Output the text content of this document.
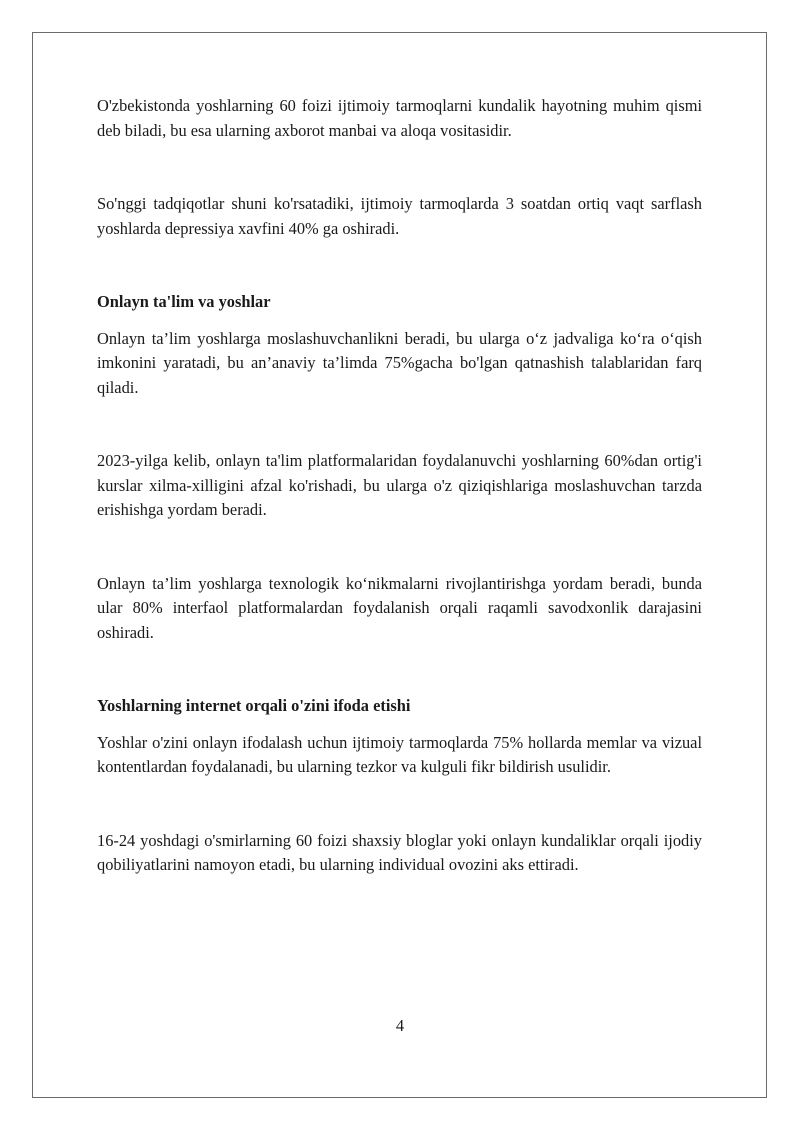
O'zbekistonda yoshlarning 60 foizi ijtimoiy tarmoqlarni kundalik hayotning muhim qismi deb biladi, bu esa ularning axborot manbai va aloqa vositasidir.

So'nggi tadqiqotlar shuni ko'rsatadiki, ijtimoiy tarmoqlarda 3 soatdan ortiq vaqt sarflash yoshlarda depressiya xavfini 40% ga oshiradi.

Onlayn ta'lim va yoshlar

Onlayn ta’lim yoshlarga moslashuvchanlikni beradi, bu ularga o‘z jadvaliga ko‘ra o‘qish imkonini yaratadi, bu an’anaviy ta’limda 75%gacha bo'lgan qatnashish talablaridan farq qiladi.

2023-yilga kelib, onlayn ta'lim platformalaridan foydalanuvchi yoshlarning 60%dan ortig'i kurslar xilma-xilligini afzal ko'rishadi, bu ularga o'z qiziqishlariga moslashuvchan tarzda erishishga yordam beradi.

Onlayn ta’lim yoshlarga texnologik ko‘nikmalarni rivojlantirishga yordam beradi, bunda ular 80% interfaol platformalardan foydalanish orqali raqamli savodxonlik darajasini oshiradi.

Yoshlarning internet orqali o'zini ifoda etishi

Yoshlar o'zini onlayn ifodalash uchun ijtimoiy tarmoqlarda 75% hollarda memlar va vizual kontentlardan foydalanadi, bu ularning tezkor va kulguli fikr bildirish usulidir.

16-24 yoshdagi o'smirlarning 60 foizi shaxsiy bloglar yoki onlayn kundaliklar orqali ijodiy qobiliyatlarini namoyon etadi, bu ularning individual ovozini aks ettiradi.

4
